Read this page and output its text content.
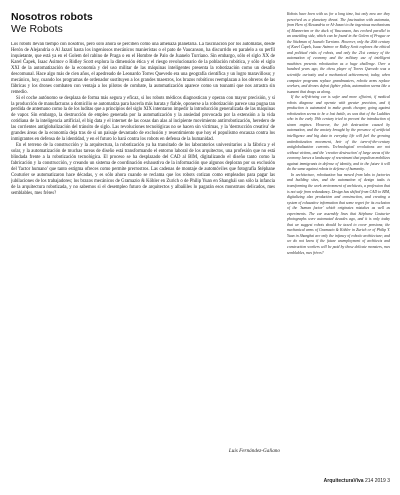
Nosotros robots
We Robots

Los robots llevan tiempo con nosotros, pero sólo ahora se perciben como una amenaza planetaria. La fascinación por los autómatas, desde Herón de Alejandría o Al Jazarí hasta los ingeniosos mecánicos manieristas o el pato de Vaucanson, ha discurrido en paralelo a su perfil inquietante, que está ya en el Golem del rabino de Praga o en el Hombre de Palo de Juanelo Turriano. Sin embargo, sólo el siglo XX de Karel Čapek, Isaac Asimov o Ridley Scott explora la dimensión ética y el riesgo revolucionario de la población robótica, y sólo el siglo XXI de la automatización de la economía y del uso militar de las máquinas inteligentes presenta la robotización como un desafío descomunal. Hace algo más de cien años, el apedreado de Leonardo Torres Quevedo era una geografía científica y un logro maravilloso; y mecánico, hoy, cuando los programas de ordenador sustituyen a los grandes maestros, los brazos robóticos reemplazan a los obreros de las fábricas y los drones combaten con ventaja a los pilotos de combate, la automatización aparece como un tsunami que nos arrastra sin remedio.

Si el coche autónomo se desplaza de forma más segura y eficaz, si los robots médicos diagnostican y operan con mayor precisión, y si la producción de manufacturas a domicilio se automatiza para hacerla más barata y fiable, oponerse a la robotización parece una pugna tan perdida de antemano como la de los luditas que a principios del siglo XIX intentaron impedir la introducción generalizada de las máquinas de vapor. Sin embargo, la destrucción de empleo generada por la automatización y la ansiedad provocada por la extensión a la vida cotidiana de la inteligencia artificial, el big data y el internet de las cosas dan alas al incipiente movimiento antirrobotización, heredero de las corrientes antiglobalización del tránsito de siglo. Las revoluciones tecnológicas no se hacen sin víctimas, y la 'destrucción creativa' de grandes áreas de la economía deja tras de sí un paisaje devastado de exclusión y resentimiento que hoy el populismo encauza contra los inmigrantes en defensa de la identidad, y en el futuro lo hará contra los robots en defensa de la humanidad.

En el terreno de la construcción y la arquitectura, la robotización ya ha transitado de los laboratorios universitarios a la fábrica y el solar, y la automatización de muchas tareas de diseño está transformando el entorno laboral de los arquitectos, una profesión que no está blindada frente a la robotización tecnológica. El proceso se ha desplazado del CAD al BIM, digitalizando el diseño tanto como la fabricación y la construcción, y creando un sistema de coordinación exhaustiva de la información que algunos deploran por su exclusión del 'factor humano' que tanto estigma ofreces como permite prerrostros. Las cadenas de montaje de automóviles que fotografía Stéphane Couturier se automatizaron hace décadas, y es sólo ahora cuando se reclama que los robots cotizan como empleados para pagar las jubilaciones de los trabajadores; los brazos mecánicos de Gramazio & Köhler en Zurich o de Philip Yuan en Shanghái son sólo la infancia de la arquitectura robotizada, y no sabemos si el desempleo futuro de arquitectos y albañiles lo pagarán esos monstruos delicados, mes semblables, mes frères?

Luis Fernández-Galiano

Robots have been with us for a long time, but only now are they perceived as a planetary threat. The fascination with automata, from Hero of Alexandria or Al-Jazari to the ingenious mechanisms of Mannerism or the duck of Vaucanson, has evolved parallel to an unsettling side, which can be found in the Golem of Prague or the Stickman of Juanelo Turriano. However, only the 20th century of Karel Čapek, Isaac Asimov or Ridley Scott explores the ethical and political risks of robots, and only the 21st century of the automation of economy and the military use of intelligent machines presents robotization as a huge challenge. Over a hundred years ago, the chess player of Torres Quevedo was a scientific curiosity and a mechanical achievement; today, when computer programs replace grandmasters, robotic arms replace workers, and drones defeat fighter pilots, automation seems like a tsunami that drags us along.

If the self-driving car is safer and more efficient, if medical robots diagnose and operate with greater precision, and if production is automated to make goods cheaper, going against robotization seems to be a lost battle, as was that of the Luddites who in the early 19th century tried to prevent the introduction of steam engines. However, the job destruction caused by automation, and the anxiety brought by the presence of artificial intelligence and big data in everyday life will fuel the growing antirobotization movement, heir of the turn-of-the-century antiglobalization currents. Technological revolutions are not without victims, and the 'creative destruction' of large areas of the economy leaves a landscape of resentment that populism mobilizes against immigrants in defense of identity, and in the future it will do the same against robots in defense of humanity.

In architecture, robotization has moved from labs to factories and building sites, and the automation of design tasks is transforming the work environment of architects, a profession that is not safe from redundancy. Design has shifted from CAD to BIM, digitalizing also production and construction, and creating a system of exhaustive information that some regret for its exclusion of the 'human factor' which originates mistakes as well as experiments. The car assembly lines that Stéphane Couturier photographs were automated decades ago, and it is only today that we suggest robots should be taxed to cover pensions; the mechanical arms of Gramazio & Köhler in Zurich or of Philip Y. Yuan in Shanghai are only the infancy of robotic architecture; and we do not know if the future unemployment of architects and construction workers will be paid by those delicate monsters, mes semblables, mes frères?

ArquitecturaViva 214 2019 3
